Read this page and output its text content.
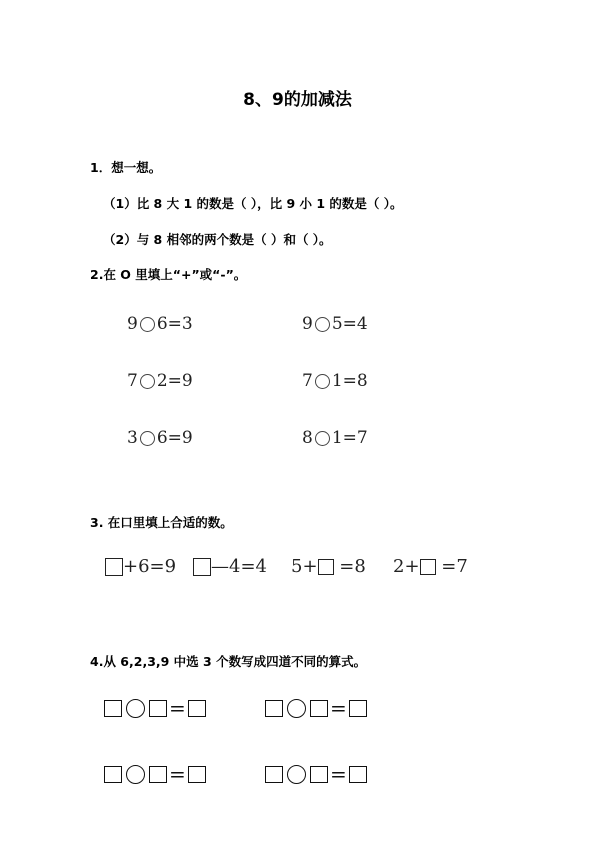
8、9的加减法
1．想一想。
（1）比 8 大 1 的数是（ ），比 9 小 1 的数是（ ）。
（2）与 8 相邻的两个数是（ ）和（ ）。
2.在 O 里填上“+”或“-”。
9 6 = 3	9 5 = 4
7 2 = 9	7 1 = 8
3 6 = 9	8 1 = 7
3. 在口里填上合适的数。
+6=9 —4=4 5+ =8 2+ =7
4.从 6,2,3,9 中选 3 个数写成四道不同的算式。
=	=
=	=
